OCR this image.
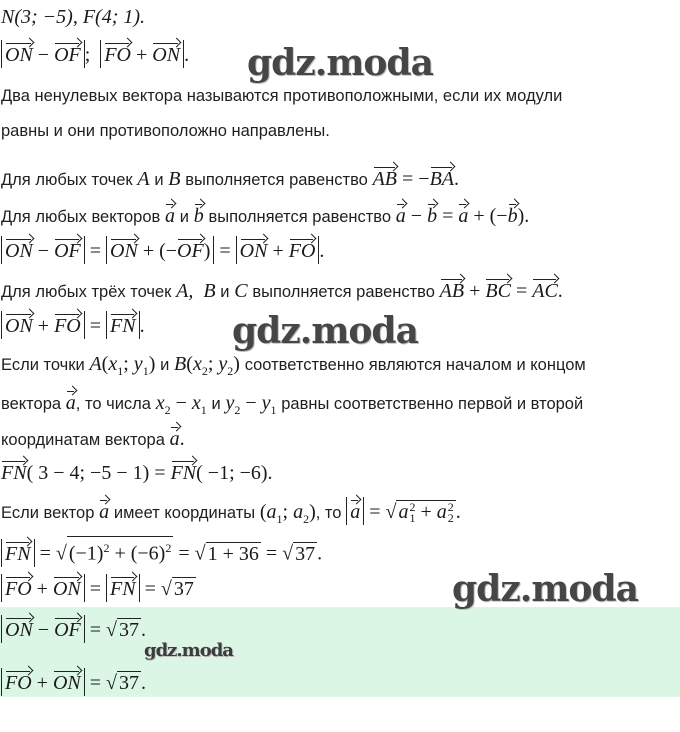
N(3; −5), F(4; 1).
ON − OF ;  FO + ON .
Два ненулевых вектора называются противоположными, если их модули
равны и они противоположно направлены.
Для любых точек A и B выполняется равенство AB = −BA.
Для любых векторов a и b выполняется равенство a − b = a + (−b).
ON − OF = ON + (−OF) = ON + FO .
Для любых трёх точек A,  B и C выполняется равенство AB + BC = AC.
ON + FO = FN .
Если точки $A(x_1$; $y_1$) и $B(x_2$; $y_2$) соответственно являются началом и концом
вектора a, то числа $x_2 - x_1$ и $y_2 - y_1$ равны соответственно первой и второй
координатам вектора a.
FN( 3 − 4; −5 − 1) = FN( −1; −6).
Если вектор a имеет координаты ($a_1$; $a_2$), то a = √ a 2
1 + a 2
2 .
FN = √ $(-1)^2 + (-6)^2$ = √ 1 + 36 = √ 37 .
FO + ON = FN = √ 37
ON − OF = √ 37 .
FO + ON = √ 37 .
gdz.moda
gdz.moda
gdz.moda
gdz.moda
